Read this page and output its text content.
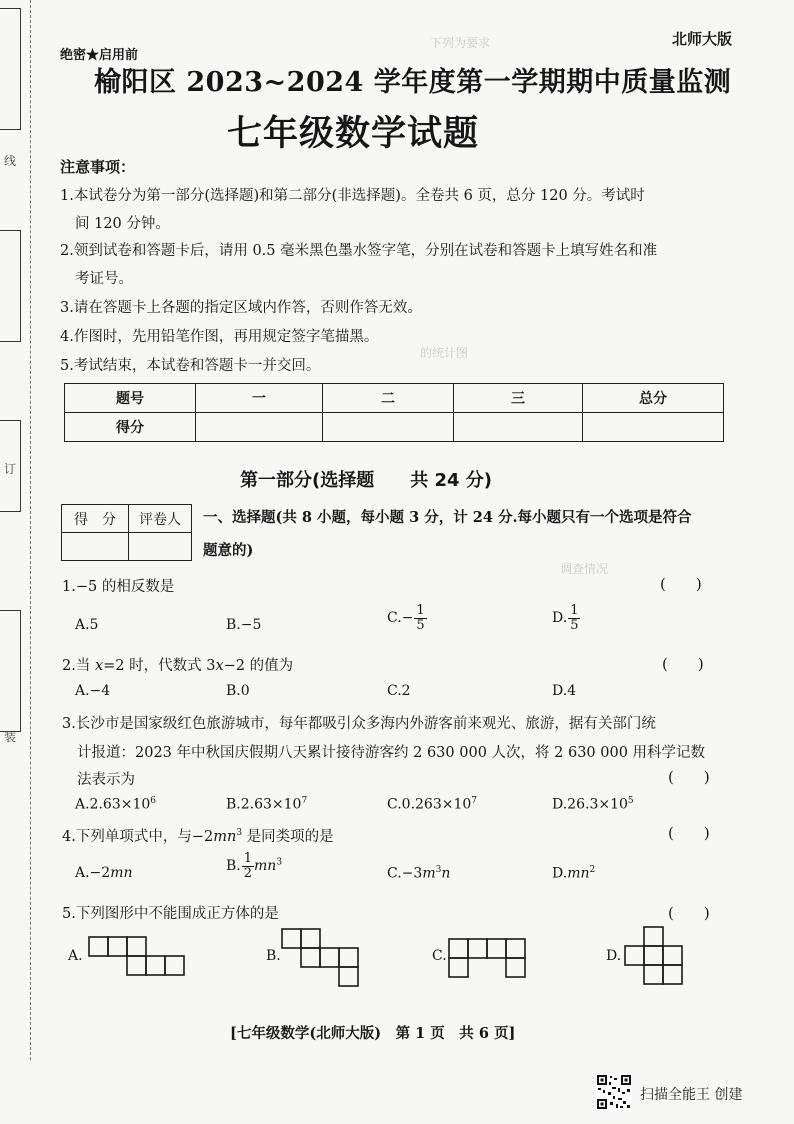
下列为要求
的统计图
调查情况
线
订
装
北师大版
绝密★启用前
榆阳区 2023~2024 学年度第一学期期中质量监测
七年级数学试题
注意事项：
1.本试卷分为第一部分(选择题)和第二部分(非选择题)。全卷共 6 页，总分 120 分。考试时
间 120 分钟。
2.领到试卷和答题卡后，请用 0.5 毫米黑色墨水签字笔，分别在试卷和答题卡上填写姓名和准
考证号。
3.请在答题卡上各题的指定区域内作答，否则作答无效。
4.作图时，先用铅笔作图，再用规定签字笔描黑。
5.考试结束，本试卷和答题卡一并交回。
题号	一	二	三	总分
得分				
第一部分(选择题　　共 24 分)
得　分	评卷人
	一、选择题(共 8 小题，每小题 3 分，计 24 分.每小题只有一个选项是符合
题意的)
1.−5 的相反数是	(　　)
A.5	B.−5	$C.- \frac{1}{5}$	D. $\frac{1}{5}$
2.当 x=2 时，代数式 3x−2 的值为	(　　)
A.−4	B.0	C.2	D.4
3.长沙市是国家级红色旅游城市，每年都吸引众多海内外游客前来观光、旅游，据有关部门统
计报道：2023 年中秋国庆假期八天累计接待游客约 2 630 000 人次，将 2 630 000 用科学记数
法表示为	(　　)
$A.2.63\times 10^6$	$B.2.63\times 10^7$	$C.0.263\times 10^7$	$D.26.3\times 10^5$
4.下列单项式中，与$-2mn^3$ 是同类项的是	(　　)
A.−2mn	B. $\frac{1}{2} mn^3$
$C.-3m^3n$	$D.mn^2$
5.下列图形中不能围成正方体的是	(　　)
A.	B.	C.	D.
[七年级数学(北师大版)　第 1 页　共 6 页]
扫描全能王 创建
